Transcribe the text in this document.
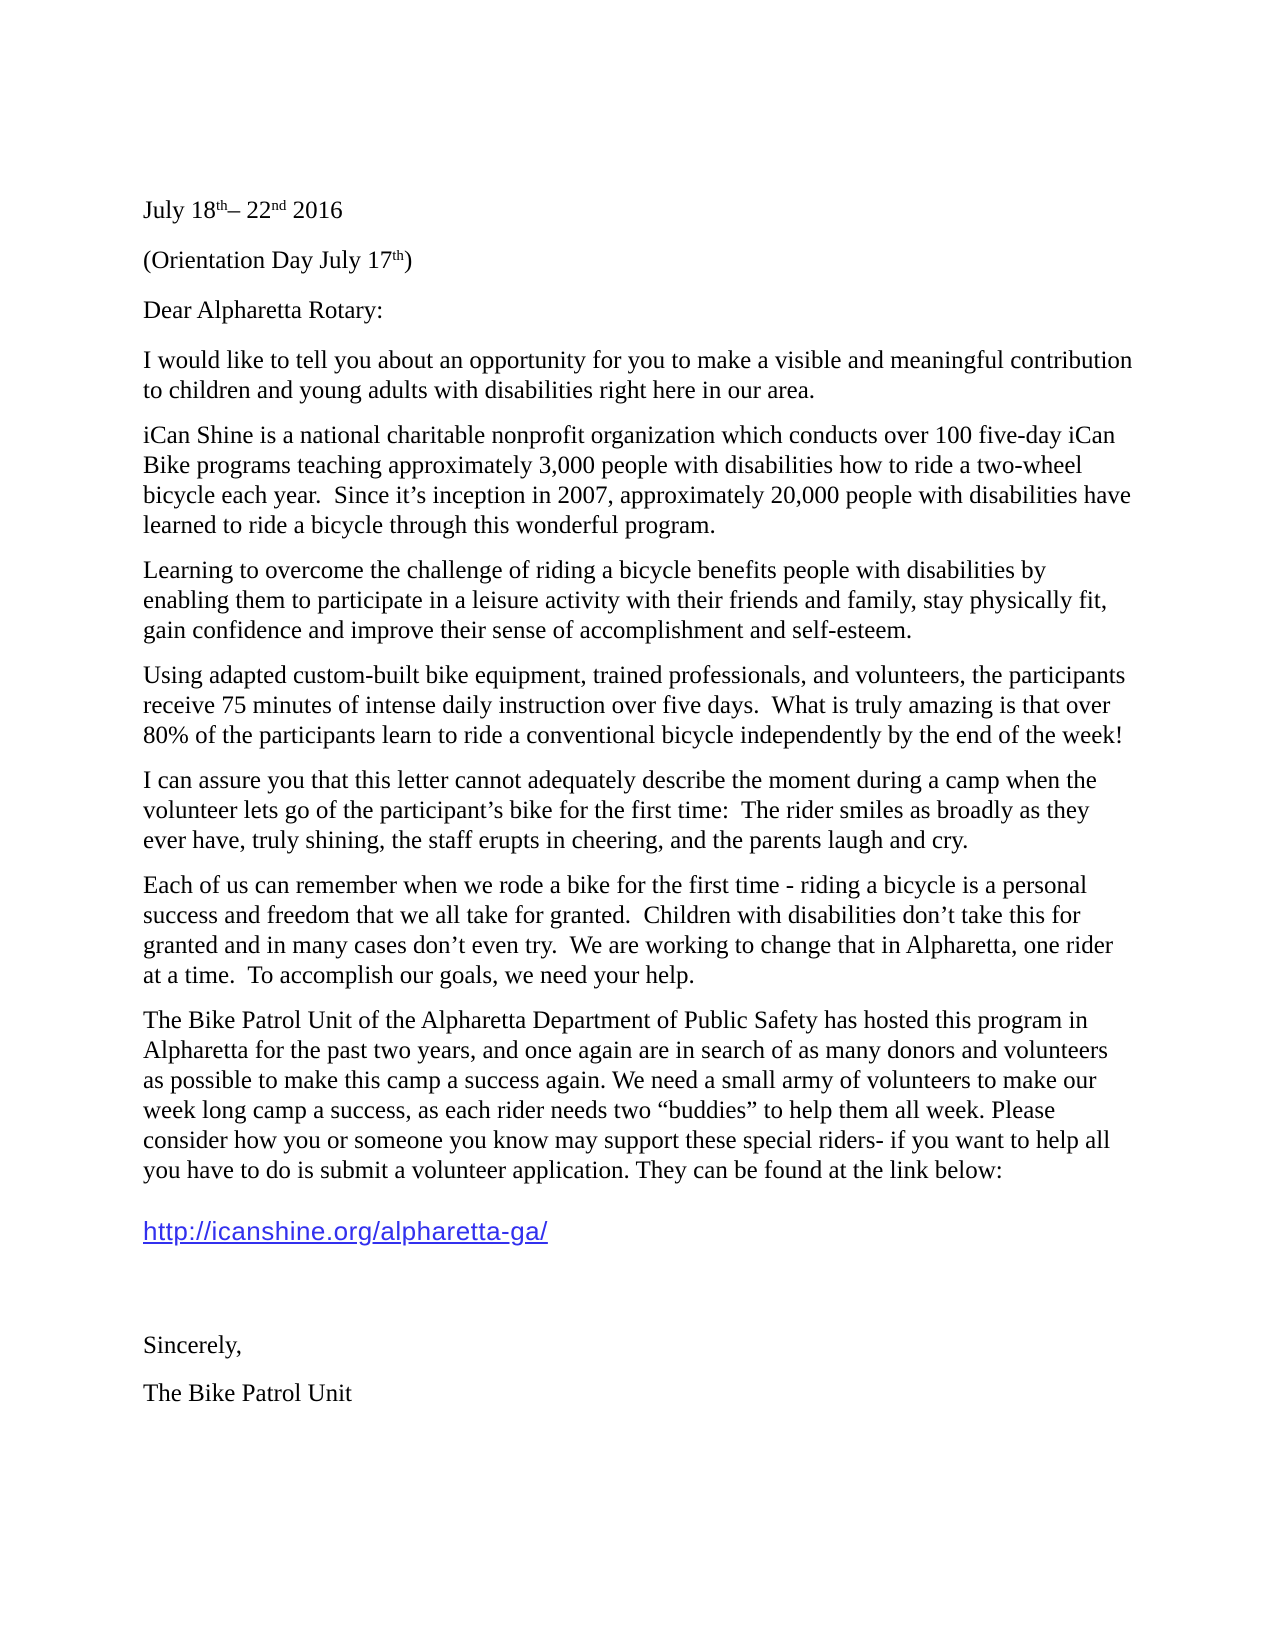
July 18th– 22nd 2016

(Orientation Day July 17th)

Dear Alpharetta Rotary:

I would like to tell you about an opportunity for you to make a visible and meaningful contribution to children and young adults with disabilities right here in our area.

iCan Shine is a national charitable nonprofit organization which conducts over 100 five-day iCan Bike programs teaching approximately 3,000 people with disabilities how to ride a two-wheel bicycle each year.  Since it’s inception in 2007, approximately 20,000 people with disabilities have learned to ride a bicycle through this wonderful program.

Learning to overcome the challenge of riding a bicycle benefits people with disabilities by enabling them to participate in a leisure activity with their friends and family, stay physically fit, gain confidence and improve their sense of accomplishment and self-esteem.

Using adapted custom-built bike equipment, trained professionals, and volunteers, the participants receive 75 minutes of intense daily instruction over five days.  What is truly amazing is that over 80% of the participants learn to ride a conventional bicycle independently by the end of the week!

I can assure you that this letter cannot adequately describe the moment during a camp when the volunteer lets go of the participant’s bike for the first time:  The rider smiles as broadly as they ever have, truly shining, the staff erupts in cheering, and the parents laugh and cry.

Each of us can remember when we rode a bike for the first time - riding a bicycle is a personal success and freedom that we all take for granted.  Children with disabilities don’t take this for granted and in many cases don’t even try.  We are working to change that in Alpharetta, one rider at a time.  To accomplish our goals, we need your help.

The Bike Patrol Unit of the Alpharetta Department of Public Safety has hosted this program in Alpharetta for the past two years, and once again are in search of as many donors and volunteers as possible to make this camp a success again. We need a small army of volunteers to make our week long camp a success, as each rider needs two “buddies” to help them all week. Please consider how you or someone you know may support these special riders- if you want to help all you have to do is submit a volunteer application. They can be found at the link below:

http://icanshine.org/alpharetta-ga/

Sincerely,

The Bike Patrol Unit
